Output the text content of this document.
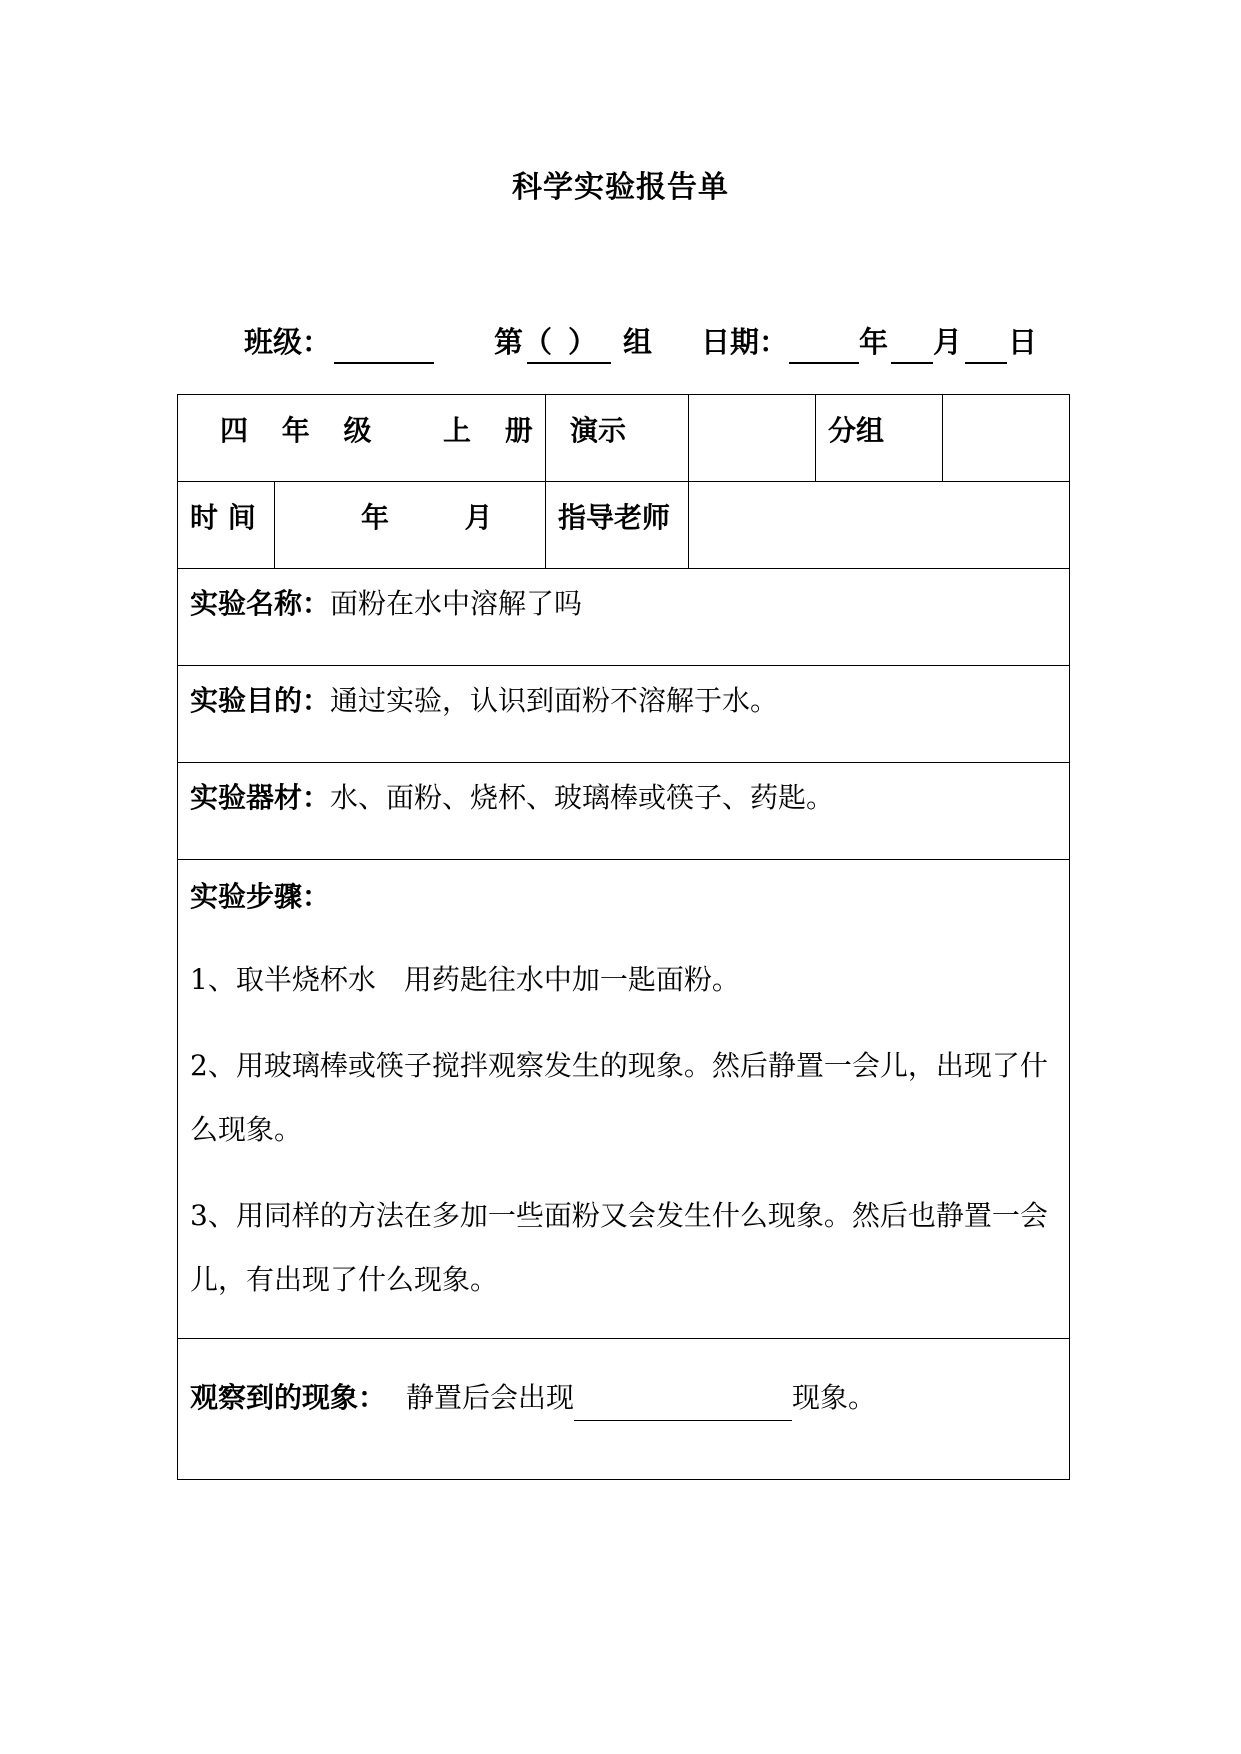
科学实验报告单
班级：	第（ ） 组 日期： 年 月 日
四 年 级 上 册		演示		分组	

时 间	年 月	指导老师			

实验名称：面粉在水中溶解了吗					

实验目的：通过实验，认识到面粉不溶解于水。					

实验器材：水、面粉、烧杯、玻璃棒或筷子、药匙。					

实验步骤：

1、取半烧杯水　用药匙往水中加一匙面粉。

2、用玻璃棒或筷子搅拌观察发生的现象。然后静置一会儿，出现了什么现象。

3、用同样的方法在多加一些面粉又会发生什么现象。然后也静置一会儿，有出现了什么现象。					

观察到的现象： 静置后会出现 现象。					
